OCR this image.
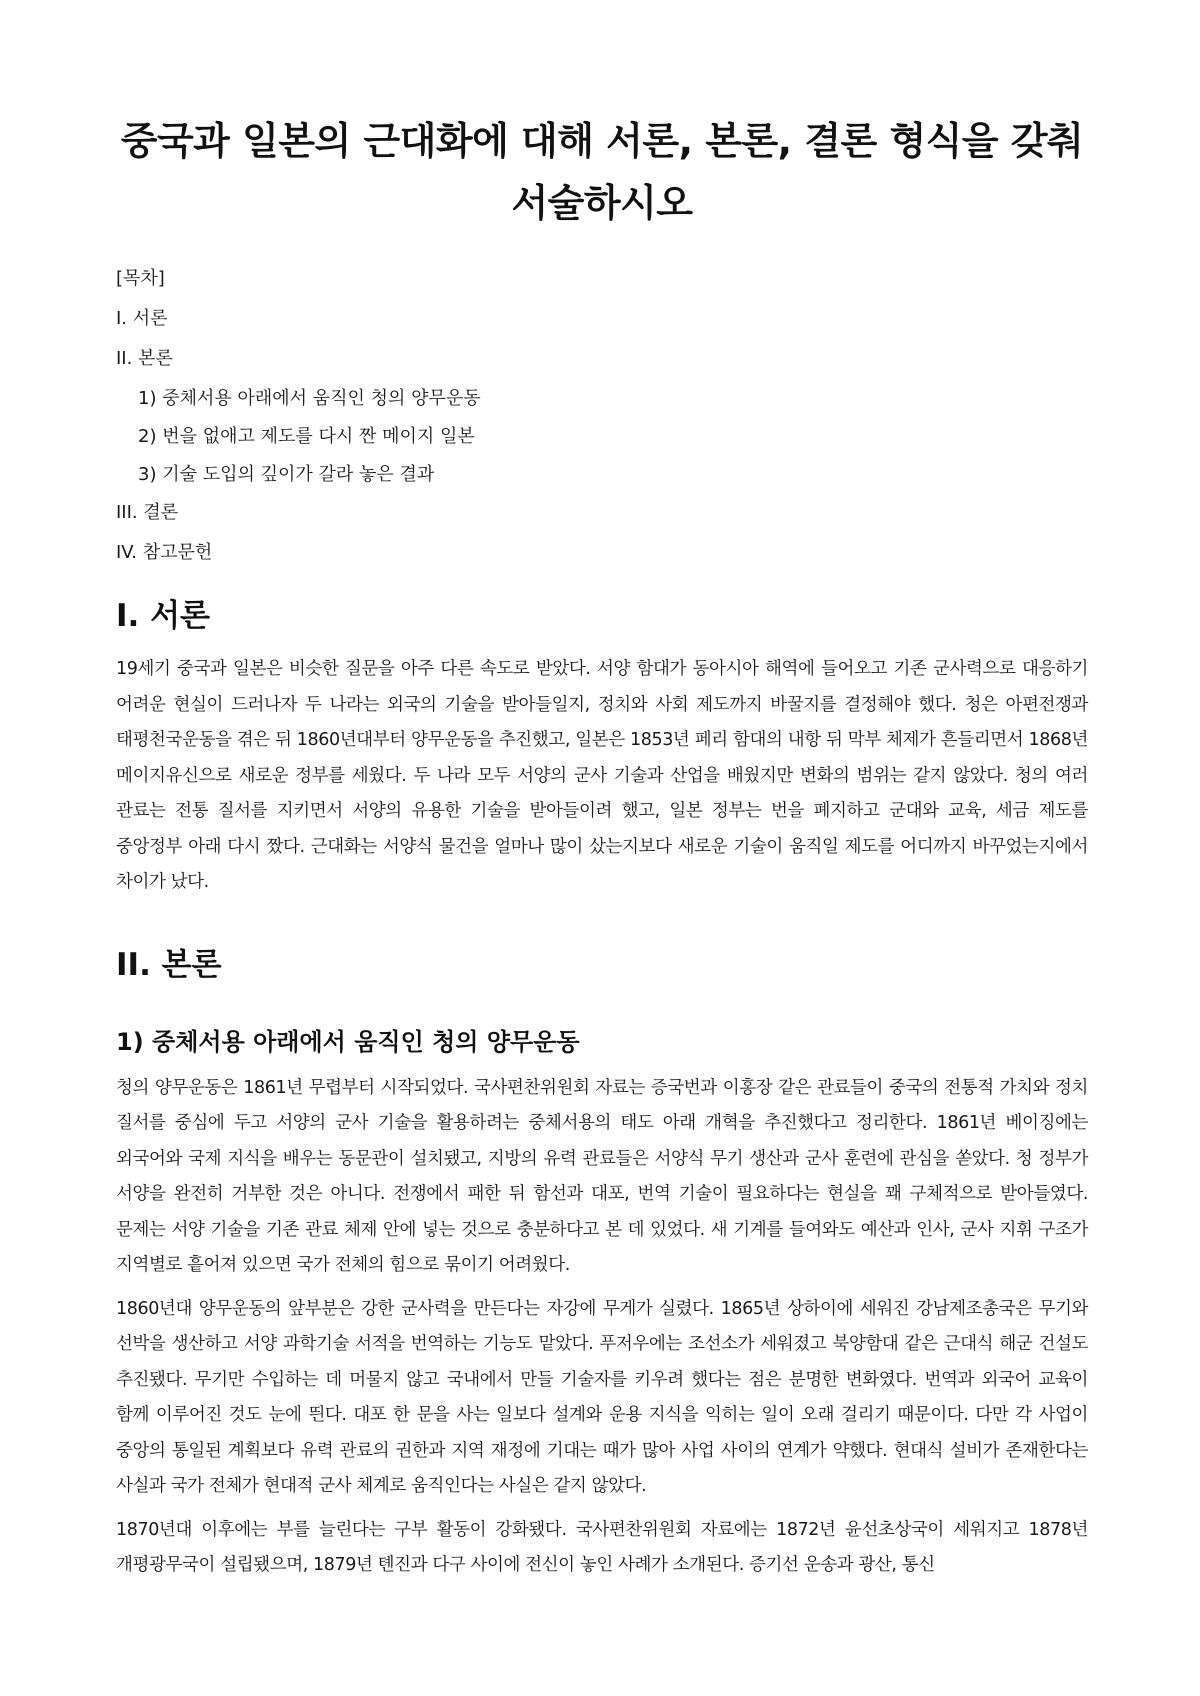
중국과 일본의 근대화에 대해 서론, 본론, 결론 형식을 갖춰 서술하시오
[목차]
I. 서론
II. 본론
1) 중체서용 아래에서 움직인 청의 양무운동
2) 번을 없애고 제도를 다시 짠 메이지 일본
3) 기술 도입의 깊이가 갈라 놓은 결과
III. 결론
IV. 참고문헌
I. 서론

19세기 중국과 일본은 비슷한 질문을 아주 다른 속도로 받았다. 서양 함대가 동아시아 해역에 들어오고 기존 군사력으로 대응하기 어려운 현실이 드러나자 두 나라는 외국의 기술을 받아들일지, 정치와 사회 제도까지 바꿀지를 결정해야 했다. 청은 아편전쟁과 태평천국운동을 겪은 뒤 1860년대부터 양무운동을 추진했고, 일본은 1853년 페리 함대의 내항 뒤 막부 체제가 흔들리면서 1868년 메이지유신으로 새로운 정부를 세웠다. 두 나라 모두 서양의 군사 기술과 산업을 배웠지만 변화의 범위는 같지 않았다. 청의 여러 관료는 전통 질서를 지키면서 서양의 유용한 기술을 받아들이려 했고, 일본 정부는 번을 폐지하고 군대와 교육, 세금 제도를 중앙정부 아래 다시 짰다. 근대화는 서양식 물건을 얼마나 많이 샀는지보다 새로운 기술이 움직일 제도를 어디까지 바꾸었는지에서 차이가 났다.

II. 본론
1) 중체서용 아래에서 움직인 청의 양무운동

청의 양무운동은 1861년 무렵부터 시작되었다. 국사편찬위원회 자료는 증국번과 이홍장 같은 관료들이 중국의 전통적 가치와 정치 질서를 중심에 두고 서양의 군사 기술을 활용하려는 중체서용의 태도 아래 개혁을 추진했다고 정리한다. 1861년 베이징에는 외국어와 국제 지식을 배우는 동문관이 설치됐고, 지방의 유력 관료들은 서양식 무기 생산과 군사 훈련에 관심을 쏟았다. 청 정부가 서양을 완전히 거부한 것은 아니다. 전쟁에서 패한 뒤 함선과 대포, 번역 기술이 필요하다는 현실을 꽤 구체적으로 받아들였다. 문제는 서양 기술을 기존 관료 체제 안에 넣는 것으로 충분하다고 본 데 있었다. 새 기계를 들여와도 예산과 인사, 군사 지휘 구조가 지역별로 흩어져 있으면 국가 전체의 힘으로 묶이기 어려웠다.

1860년대 양무운동의 앞부분은 강한 군사력을 만든다는 자강에 무게가 실렸다. 1865년 상하이에 세워진 강남제조총국은 무기와 선박을 생산하고 서양 과학기술 서적을 번역하는 기능도 맡았다. 푸저우에는 조선소가 세워졌고 북양함대 같은 근대식 해군 건설도 추진됐다. 무기만 수입하는 데 머물지 않고 국내에서 만들 기술자를 키우려 했다는 점은 분명한 변화였다. 번역과 외국어 교육이 함께 이루어진 것도 눈에 띈다. 대포 한 문을 사는 일보다 설계와 운용 지식을 익히는 일이 오래 걸리기 때문이다. 다만 각 사업이 중앙의 통일된 계획보다 유력 관료의 권한과 지역 재정에 기대는 때가 많아 사업 사이의 연계가 약했다. 현대식 설비가 존재한다는 사실과 국가 전체가 현대적 군사 체계로 움직인다는 사실은 같지 않았다.

1870년대 이후에는 부를 늘린다는 구부 활동이 강화됐다. 국사편찬위원회 자료에는 1872년 윤선초상국이 세워지고 1878년 개평광무국이 설립됐으며, 1879년 톈진과 다구 사이에 전신이 놓인 사례가 소개된다. 증기선 운송과 광산, 통신
